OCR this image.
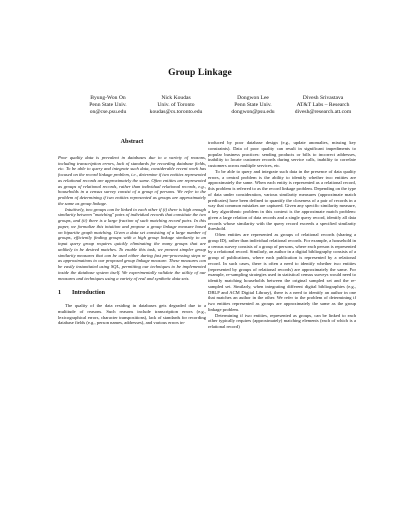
Group Linkage
Byung-Won On
Penn State Univ.
on@cse.psu.edu
Nick Koudas
Univ. of Toronto
koudas@cs.toronto.edu
Dongwon Lee
Penn State Univ.
dongwon@psu.edu
Divesh Srivastava
AT&T Labs – Research
divesh@research.att.com
Abstract

Poor quality data is prevalent in databases due to a variety of reasons, including transcription errors, lack of standards for recording database fields, etc. To be able to query and integrate such data, considerable recent work has focused on the record linkage problem, i.e., determine if two entities represented as relational records are approximately the same. Often entities are represented as groups of relational records, rather than individual relational records, e.g., households in a census survey consist of a group of persons. We refer to the problem of determining if two entities represented as groups are approximately the same as group linkage.

Intuitively, two groups can be linked to each other if (i) there is high enough similarity between "matching" pairs of individual records that constitute the two groups, and (ii) there is a large fraction of such matching record pairs. In this paper, we formalize this intuition and propose a group linkage measure based on bipartite graph matching. Given a data set consisting of a large number of groups, efficiently finding groups with a high group linkage similarity to an input query group requires quickly eliminating the many groups that are unlikely to be desired matches. To enable this task, we present simpler group similarity measures that can be used either during fast pre-processing steps or as approximations to our proposed group linkage measure. These measures can be easily instantiated using SQL, permitting our techniques to be implemented inside the database system itself. We experimentally validate the utility of our measures and techniques using a variety of real and synthetic data sets.

1 Introduction

The quality of the data residing in databases gets degraded due to a multitude of reasons. Such reasons include transcription errors (e.g., lexicographical errors, character transpositions), lack of standards for recording database fields (e.g., person names, addresses), and various errors in-

troduced by poor database design (e.g., update anomalies, missing key constraints). Data of poor quality can result in significant impediments to popular business practices: sending products or bills to incorrect addresses, inability to locate customer records during service calls, inability to correlate customers across multiple services, etc.

To be able to query and integrate such data in the presence of data quality errors, a central problem is the ability to identify whether two entities are approximately the same. When each entity is represented as a relational record, this problem is referred to as the record linkage problem. Depending on the type of data under consideration, various similarity measures (approximate match predicates) have been defined to quantify the closeness of a pair of records in a way that common mistakes are captured. Given any specific similarity measure, a key algorithmic problem in this context is the approximate match problem: given a large relation of data records and a single query record, identify all data records whose similarity with the query record exceeds a specified similarity threshold.

Often entities are represented as groups of relational records (sharing a group ID), rather than individual relational records. For example, a household in a census survey consists of a group of persons, where each person is represented by a relational record. Similarly, an author in a digital bibliography consists of a group of publications, where each publication is represented by a relational record. In such cases, there is often a need to identify whether two entities (represented by groups of relational records) are approximately the same. For example, re-sampling strategies used in statistical census surveys would need to identify matching households between the original sampled set and the re-sampled set. Similarly, when integrating different digital bibliographies (e.g., DBLP and ACM Digital Library), there is a need to identify an author in one that matches an author in the other. We refer to the problem of determining if two entities represented as groups are approximately the same as the group linkage problem.

Determining if two entities, represented as groups, can be linked to each other typically requires (approximately) matching elements (each of which is a relational record)
